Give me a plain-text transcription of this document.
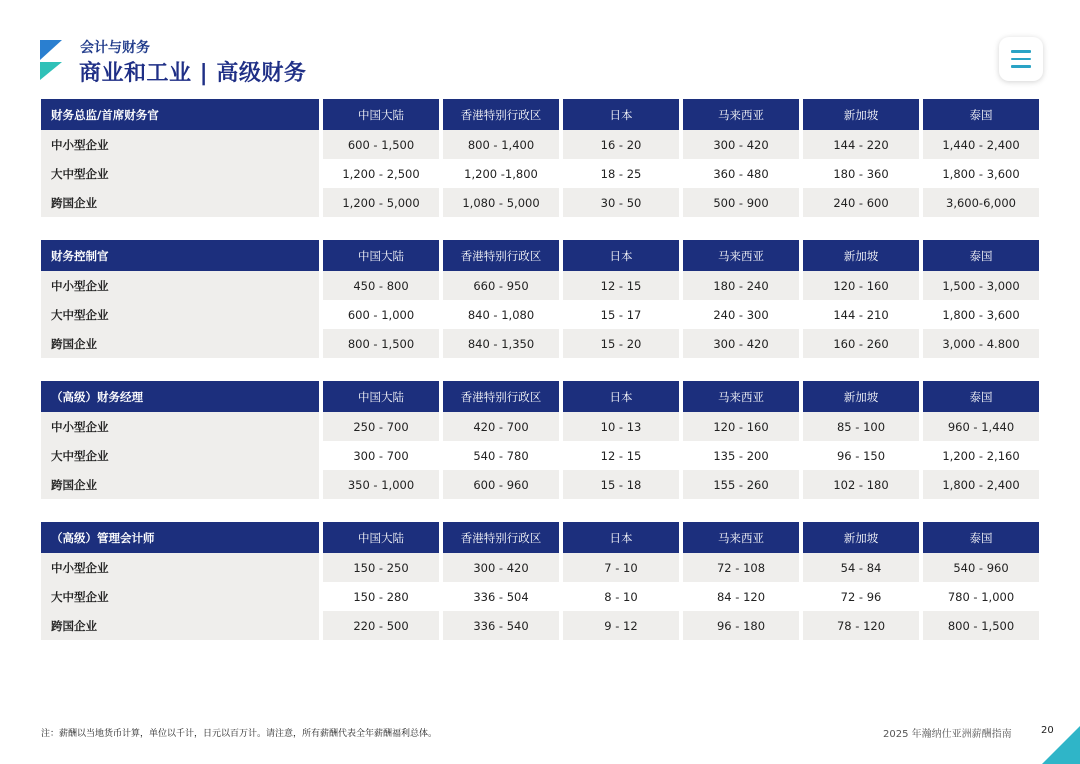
会计与财务
商业和工业 | 高级财务
财务总监/首席财务官	中国大陆	香港特别行政区	日本	马来西亚	新加坡	泰国
中小型企业	600 - 1,500	800 - 1,400	16 - 20	300 - 420	144 - 220	1,440 - 2,400
大中型企业	1,200 - 2,500	1,200 -1,800	18 - 25	360 - 480	180 - 360	1,800 - 3,600
跨国企业	1,200 - 5,000	1,080 - 5,000	30 - 50	500 - 900	240 - 600	3,600-6,000
财务控制官	中国大陆	香港特别行政区	日本	马来西亚	新加坡	泰国
中小型企业	450 - 800	660 - 950	12 - 15	180 - 240	120 - 160	1,500 - 3,000
大中型企业	600 - 1,000	840 - 1,080	15 - 17	240 - 300	144 - 210	1,800 - 3,600
跨国企业	800 - 1,500	840 - 1,350	15 - 20	300 - 420	160 - 260	3,000 - 4.800
（高级）财务经理	中国大陆	香港特别行政区	日本	马来西亚	新加坡	泰国
中小型企业	250 - 700	420 - 700	10 - 13	120 - 160	85 - 100	960 - 1,440
大中型企业	300 - 700	540 - 780	12 - 15	135 - 200	96 - 150	1,200 - 2,160
跨国企业	350 - 1,000	600 - 960	15 - 18	155 - 260	102 - 180	1,800 - 2,400
（高级）管理会计师	中国大陆	香港特别行政区	日本	马来西亚	新加坡	泰国
中小型企业	150 - 250	300 - 420	7 - 10	72 - 108	54 - 84	540 - 960
大中型企业	150 - 280	336 - 504	8 - 10	84 - 120	72 - 96	780 - 1,000
跨国企业	220 - 500	336 - 540	9 - 12	96 - 180	78 - 120	800 - 1,500
注：薪酬以当地货币计算，单位以千计，日元以百万计。请注意，所有薪酬代表全年薪酬福利总体。	2025 年瀚纳仕亚洲薪酬指南	20
